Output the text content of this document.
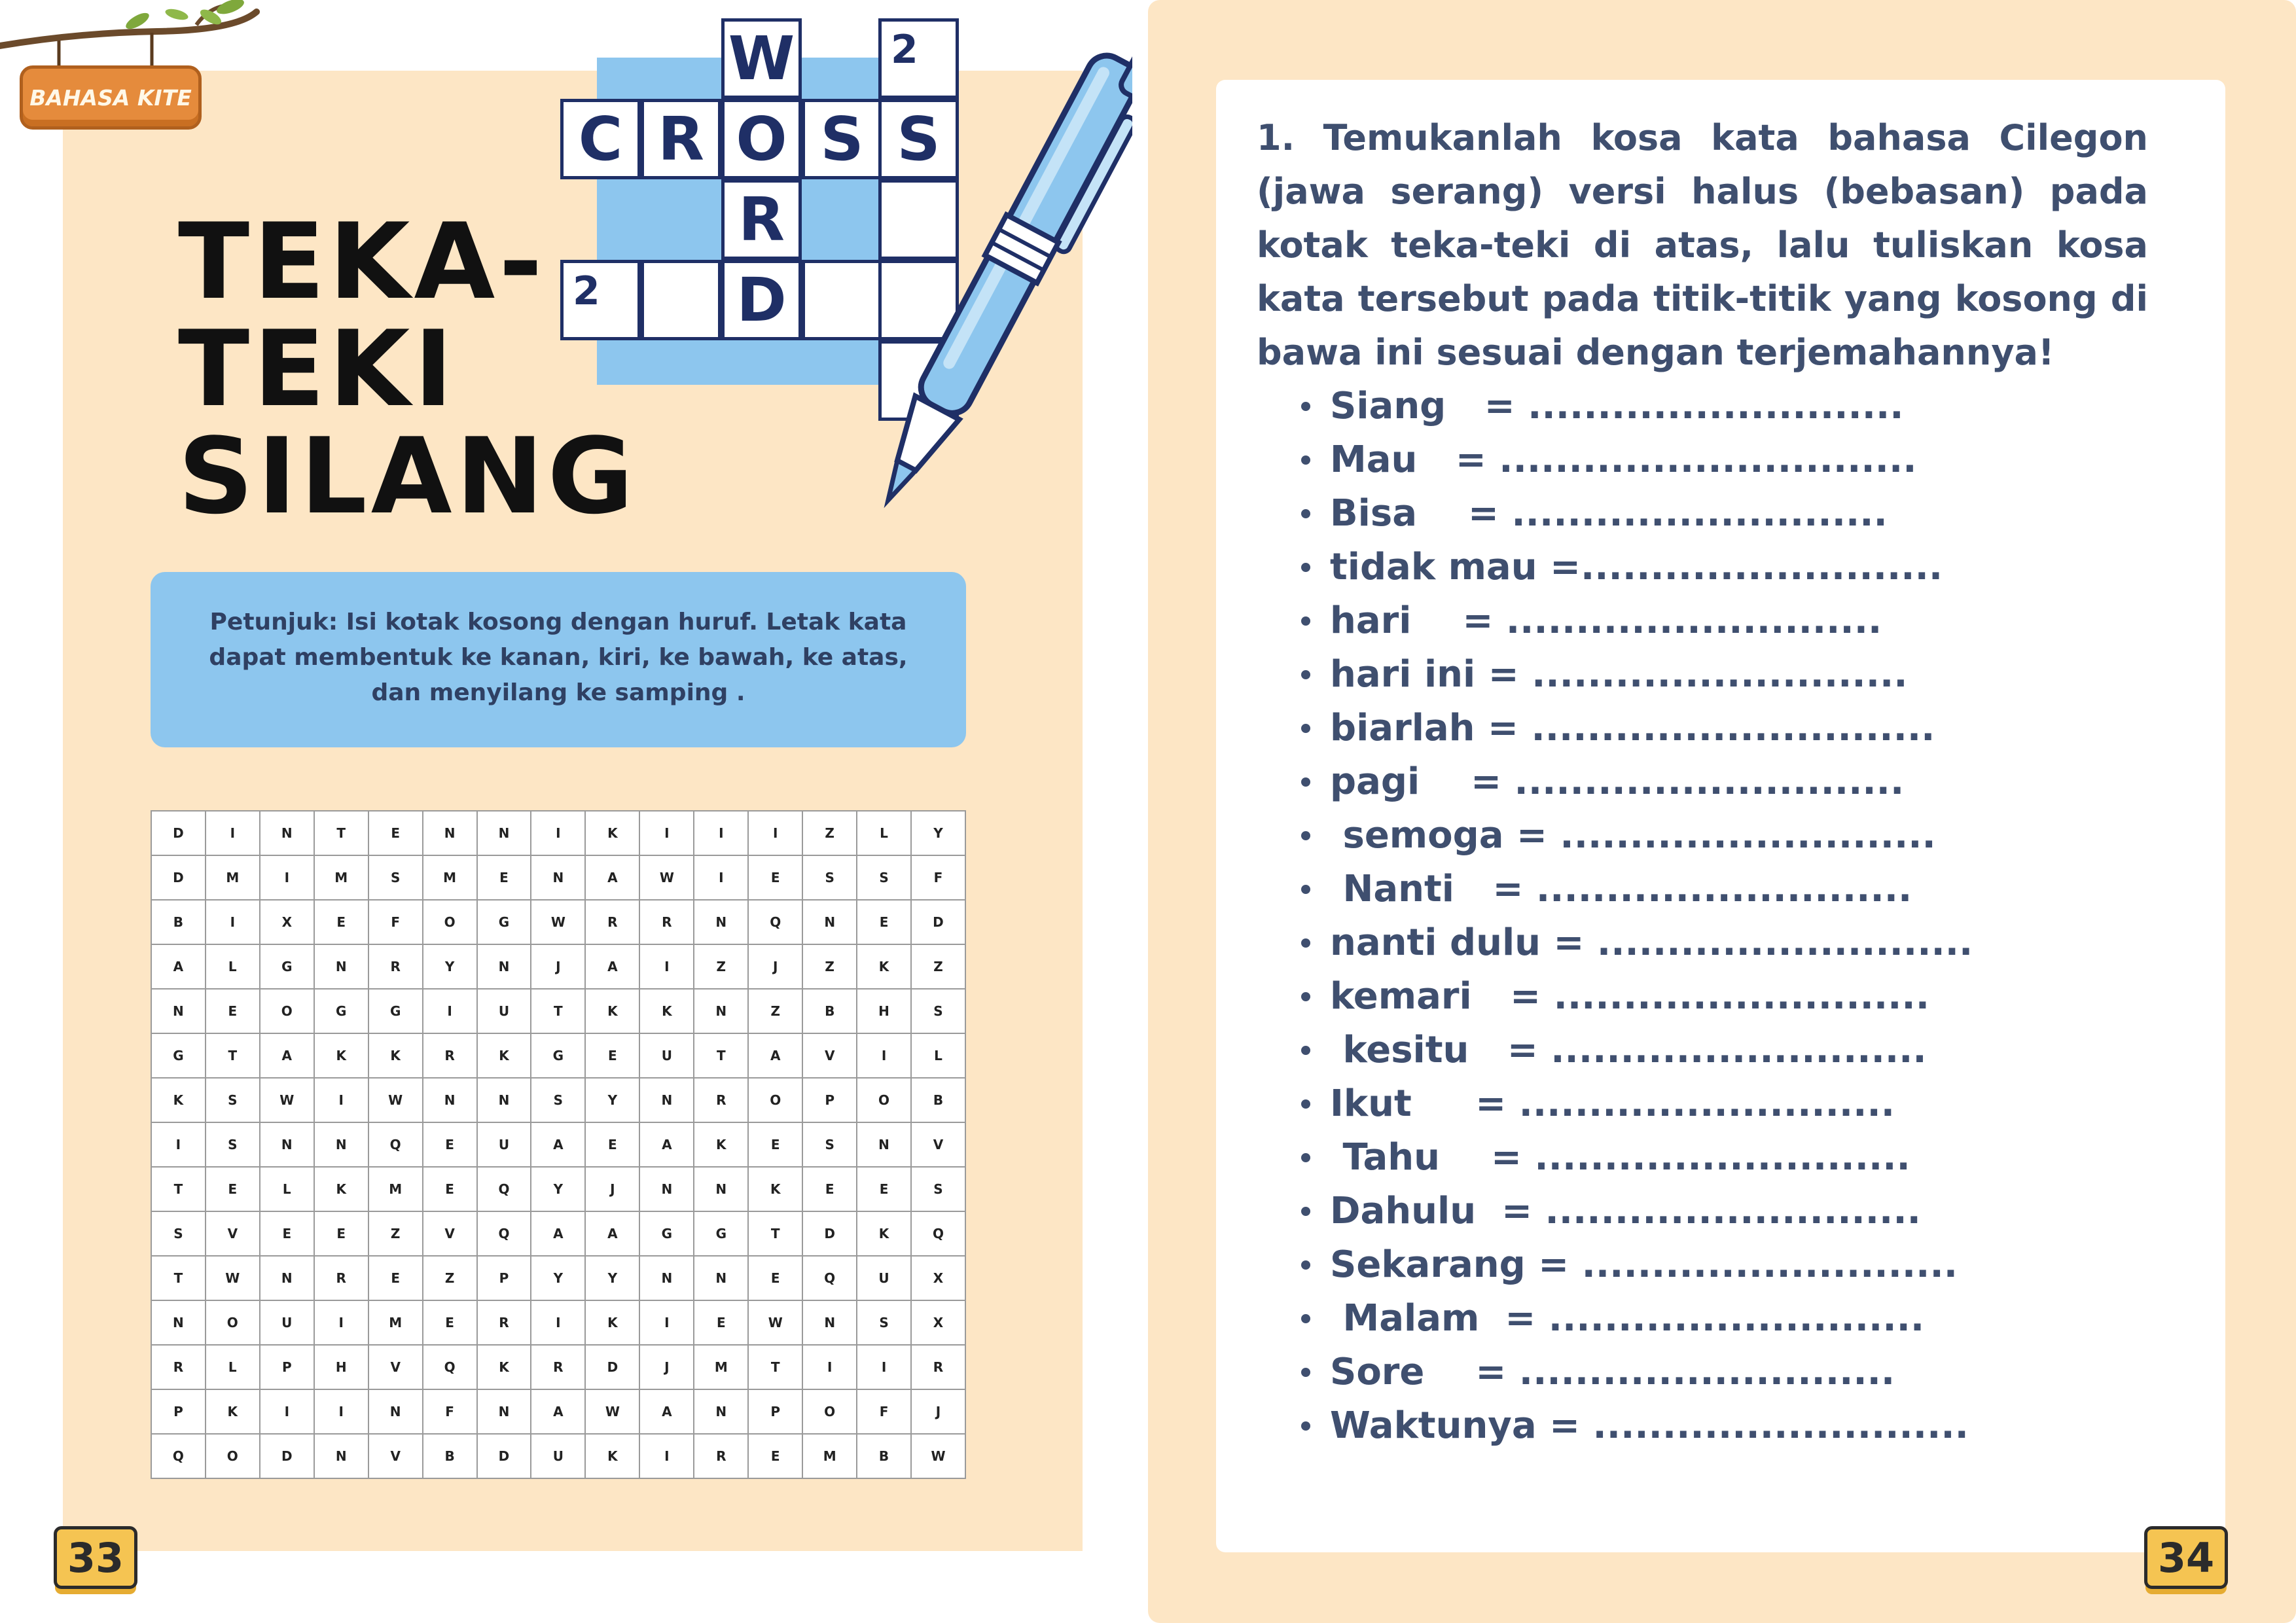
BAHASA KITE
TEKA-
TEKI
SILANG
W	2
C R O S S
R
2	D
Petunjuk: Isi kotak kosong dengan huruf. Letak kata dapat membentuk ke kanan, kiri, ke bawah, ke atas, dan menyilang ke samping .
D	I	N	T	E	N	N	I	K	I	I	I	Z	L	Y
D	M	I	M	S	M	E	N	A	W	I	E	S	S	F
B	I	X	E	F	O	G	W	R	R	N	Q	N	E	D
A	L	G	N	R	Y	N	J	A	I	Z	J	Z	K	Z
N	E	O	G	G	I	U	T	K	K	N	Z	B	H	S
G	T	A	K	K	R	K	G	E	U	T	A	V	I	L
K	S	W	I	W	N	N	S	Y	N	R	O	P	O	B
I	S	N	N	Q	E	U	A	E	A	K	E	S	N	V
T	E	L	K	M	E	Q	Y	J	N	N	K	E	E	S
S	V	E	E	Z	V	Q	A	A	G	G	T	D	K	Q
T	W	N	R	E	Z	P	Y	Y	N	N	E	Q	U	X
N	O	U	I	M	E	R	I	K	I	E	W	N	S	X
R	L	P	H	V	Q	K	R	D	J	M	T	I	I	R
P	K	I	I	N	F	N	A	W	A	N	P	O	F	J
Q	O	D	N	V	B	D	U	K	I	R	E	M	B	W
33
1. Temukanlah kosa kata bahasa Cilegon (jawa serang) versi halus (bebasan) pada kotak teka-teki di atas, lalu tuliskan kosa kata tersebut pada titik-titik yang kosong di bawa ini sesuai dengan terjemahannya!
Siang   = ...........................
Mau   = ..............................
Bisa    = ...........................
tidak mau =..........................
hari    = ...........................
hari ini = ...........................
biarlah = .............................
pagi    = ............................
semoga = ...........................
Nanti   = ...........................
nanti dulu = ...........................
kemari   = ...........................
kesitu   = ...........................
Ikut     = ...........................
Tahu    = ...........................
Dahulu  = ...........................
Sekarang = ...........................
Malam  = ...........................
Sore    = ...........................
Waktunya = ...........................
34
